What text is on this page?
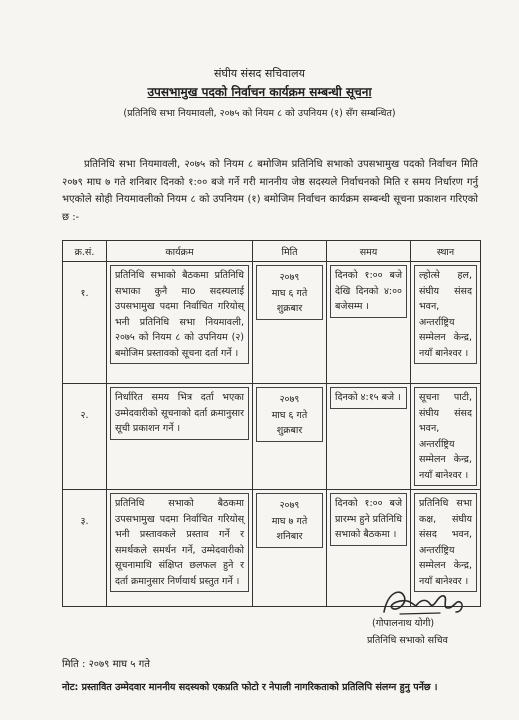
संघीय संसद सचिवालय
उपसभामुख पदको निर्वाचन कार्यक्रम सम्बन्धी सूचना
(प्रतिनिधि सभा नियमावली, २०७५ को नियम ८ को उपनियम (१) सँग सम्बन्धित)
प्रतिनिधि सभा नियमावली, २०७५ को नियम ८ बमोजिम प्रतिनिधि सभाको उपसभामुख पदको निर्वाचन मिति २०७९ माघ ७ गते शनिबार दिनको १:०० बजे गर्ने गरी माननीय जेष्ठ सदस्यले निर्वाचनको मिति र समय निर्धारण गर्नु भएकोले सोही नियमावलीको नियम ८ को उपनियम (१) बमोजिम निर्वाचन कार्यक्रम सम्बन्धी सूचना प्रकाशन गरिएको छ :-
क्र.सं.	कार्यक्रम	मिति	समय	स्थान
१.	प्रतिनिधि सभाको बैठकमा प्रतिनिधि सभाका कुनै माo सदस्यलाई उपसभामुख पदमा निर्वाचित गरियोस् भनी प्रतिनिधि सभा नियमावली, २०७५ को नियम ८ को उपनियम (२) बमोजिम प्रस्तावको सूचना दर्ता गर्ने ।	२०७९
माघ ६ गते
शुक्रबार	दिनको १:०० बजे देखि दिनको ४:०० बजेसम्म ।	ल्होत्से हल, संघीय संसद भवन, अन्तर्राष्ट्रिय सम्मेलन केन्द्र, नयाँ बानेश्वर ।

२.	निर्धारित समय भित्र दर्ता भएका उम्मेदवारीको सूचनाको दर्ता क्रमानुसार सूची प्रकाशन गर्ने ।	२०७९
माघ ६ गते
शुक्रबार	दिनको ४:१५ बजे ।	सूचना पाटी, संघीय संसद भवन, अन्तर्राष्ट्रिय सम्मेलन केन्द्र, नयाँ बानेश्वर ।

३.	प्रतिनिधि सभाको बैठकमा उपसभामुख पदमा निर्वाचित गरियोस् भनी प्रस्तावकले प्रस्ताव गर्ने र समर्थकले समर्थन गर्ने, उम्मेदवारीको सूचनामाथि संक्षिप्त छलफल हुने र दर्ता क्रमानुसार निर्णयार्थ प्रस्तुत गर्ने ।	२०७९
माघ ७ गते
शनिबार	दिनको १:०० बजे प्रारम्भ हुने प्रतिनिधि सभाको बैठकमा ।	प्रतिनिधि सभा कक्ष, संघीय संसद भवन, अन्तर्राष्ट्रिय सम्मेलन केन्द्र, नयाँ बानेश्वर ।
(गोपालनाथ योगी)
प्रतिनिधि सभाको सचिव
मिति : २०७९ माघ ५ गते
नोट: प्रस्तावित उम्मेदवार माननीय सदस्यको एकप्रति फोटो र नेपाली नागरिकताको प्रतिलिपि संलग्न हुनु पर्नेछ ।
